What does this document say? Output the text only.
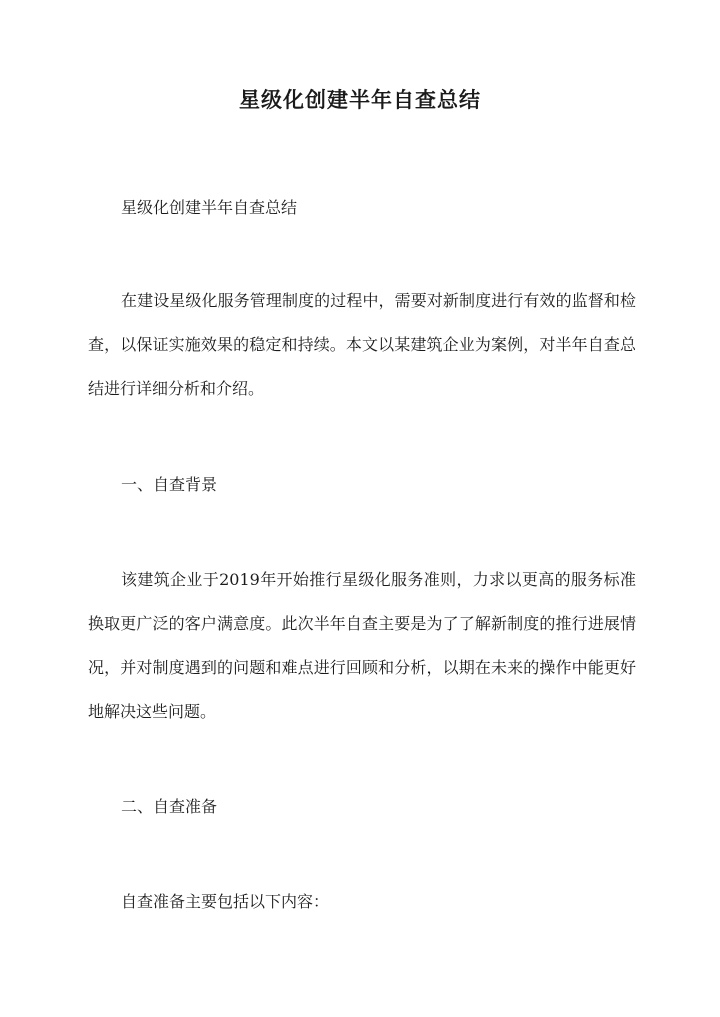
星级化创建半年自查总结

星级化创建半年自查总结

在建设星级化服务管理制度的过程中，需要对新制度进行有效的监督和检查，以保证实施效果的稳定和持续。本文以某建筑企业为案例，对半年自查总结进行详细分析和介绍。

一、自查背景

该建筑企业于2019年开始推行星级化服务准则，力求以更高的服务标准换取更广泛的客户满意度。此次半年自查主要是为了了解新制度的推行进展情况，并对制度遇到的问题和难点进行回顾和分析，以期在未来的操作中能更好地解决这些问题。

二、自查准备

自查准备主要包括以下内容：
